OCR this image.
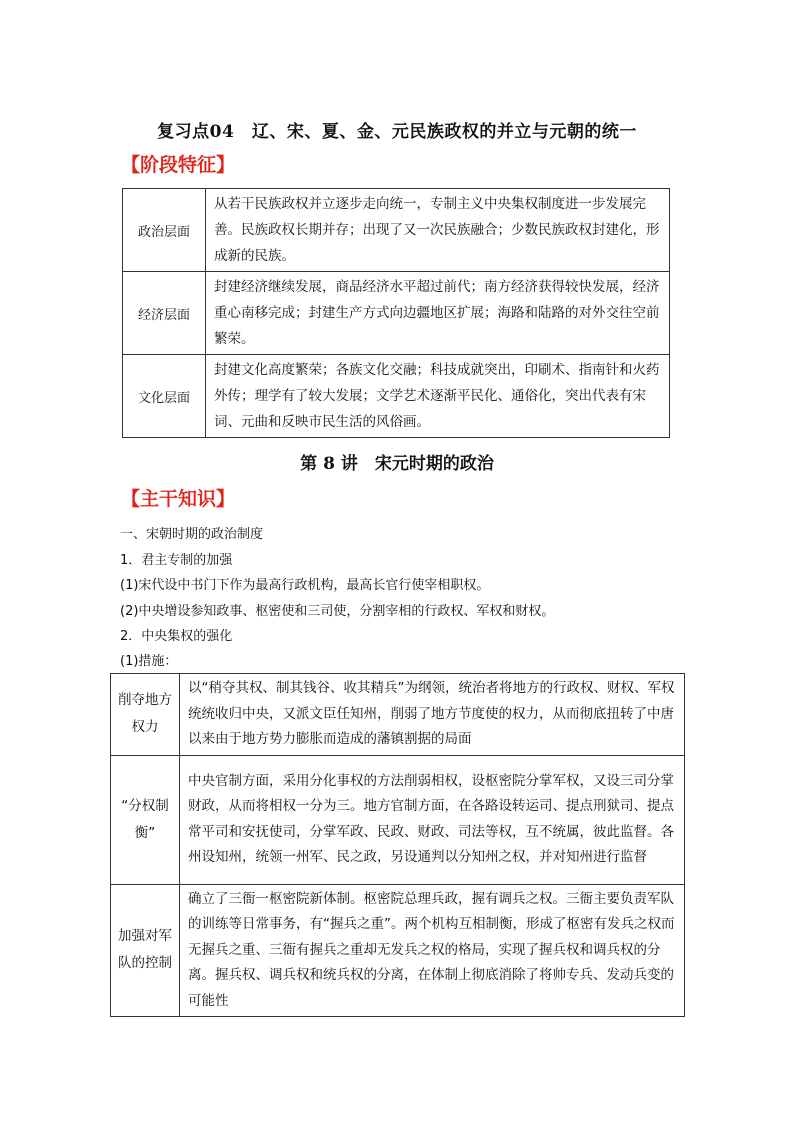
复习点04　辽、宋、夏、金、元民族政权的并立与元朝的统一
【阶段特征】
政治层面	从若干民族政权并立逐步走向统一，专制主义中央集权制度进一步发展完善。民族政权长期并存；出现了又一次民族融合；少数民族政权封建化，形成新的民族。
经济层面	封建经济继续发展，商品经济水平超过前代；南方经济获得较快发展，经济重心南移完成；封建生产方式向边疆地区扩展；海路和陆路的对外交往空前繁荣。
文化层面	封建文化高度繁荣；各族文化交融；科技成就突出，印刷术、指南针和火药外传；理学有了较大发展；文学艺术逐渐平民化、通俗化，突出代表有宋词、元曲和反映市民生活的风俗画。
第 8 讲　宋元时期的政治
【主干知识】
一、宋朝时期的政治制度
1．君主专制的加强
(1)宋代设中书门下作为最高行政机构，最高长官行使宰相职权。
(2)中央增设参知政事、枢密使和三司使，分割宰相的行政权、军权和财权。
2．中央集权的强化
(1)措施：
削夺地方权力	以“稍夺其权、制其钱谷、收其精兵”为纲领，统治者将地方的行政权、财权、军权统统收归中央，又派文臣任知州，削弱了地方节度使的权力，从而彻底扭转了中唐以来由于地方势力膨胀而造成的藩镇割据的局面
“分权制衡”	中央官制方面，采用分化事权的方法削弱相权，设枢密院分掌军权，又设三司分掌财政，从而将相权一分为三。地方官制方面，在各路设转运司、提点刑狱司、提点常平司和安抚使司，分掌军政、民政、财政、司法等权，互不统属，彼此监督。各州设知州，统领一州军、民之政，另设通判以分知州之权，并对知州进行监督
加强对军队的控制	确立了三衙一枢密院新体制。枢密院总理兵政，握有调兵之权。三衙主要负责军队的训练等日常事务，有“握兵之重”。两个机构互相制衡，形成了枢密有发兵之权而无握兵之重、三衙有握兵之重却无发兵之权的格局，实现了握兵权和调兵权的分离。握兵权、调兵权和统兵权的分离，在体制上彻底消除了将帅专兵、发动兵变的可能性
